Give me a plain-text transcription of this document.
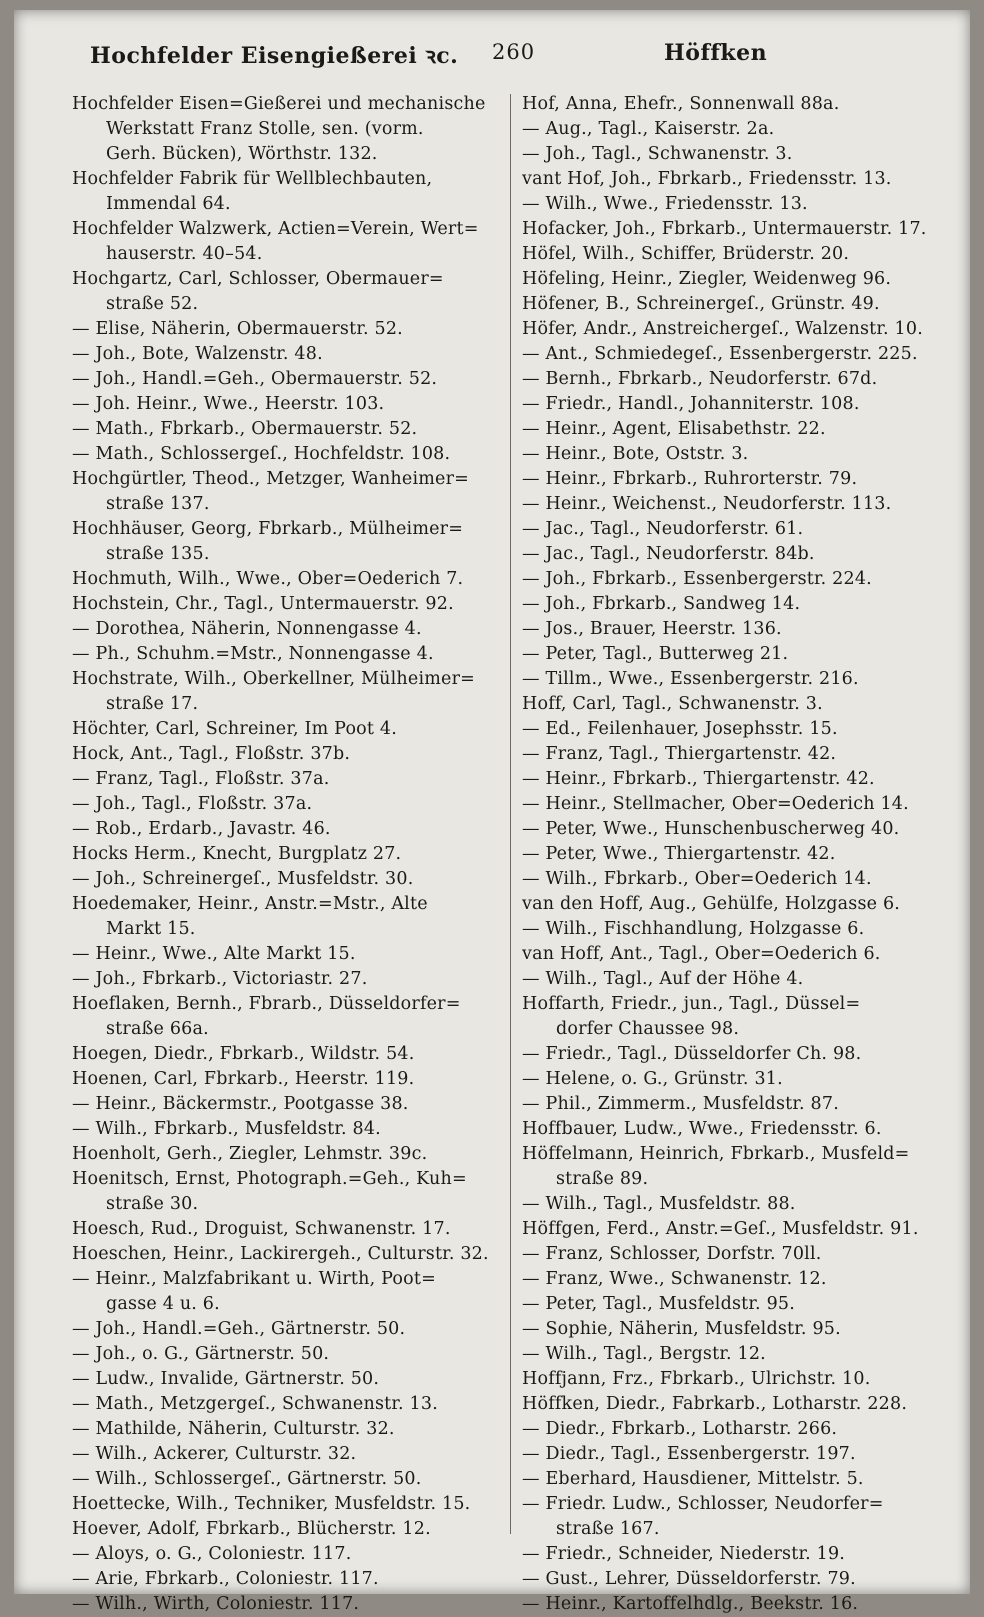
Hochfelder Eisengießerei ꝛc. 260	Höffken
Hochfelder Eisen=Gießerei und mechanische
Werkstatt Franz Stolle, sen. (vorm.
Gerh. Bücken), Wörthstr. 132.
Hochfelder Fabrik für Wellblechbauten,
Immendal 64.
Hochfelder Walzwerk, Actien=Verein, Wert=
hauserstr. 40–54.
Hochgartz, Carl, Schlosser, Obermauer=
straße 52.
— Elise, Näherin, Obermauerstr. 52.
— Joh., Bote, Walzenstr. 48.
— Joh., Handl.=Geh., Obermauerstr. 52.
— Joh. Heinr., Wwe., Heerstr. 103.
— Math., Fbrkarb., Obermauerstr. 52.
— Math., Schlossergeſ., Hochfeldstr. 108.
Hochgürtler, Theod., Metzger, Wanheimer=
straße 137.
Hochhäuser, Georg, Fbrkarb., Mülheimer=
straße 135.
Hochmuth, Wilh., Wwe., Ober=Oederich 7.
Hochstein, Chr., Tagl., Untermauerstr. 92.
— Dorothea, Näherin, Nonnengasse 4.
— Ph., Schuhm.=Mstr., Nonnengasse 4.
Hochstrate, Wilh., Oberkellner, Mülheimer=
straße 17.
Höchter, Carl, Schreiner, Im Poot 4.
Hock, Ant., Tagl., Floßstr. 37b.
— Franz, Tagl., Floßstr. 37a.
— Joh., Tagl., Floßstr. 37a.
— Rob., Erdarb., Javastr. 46.
Hocks Herm., Knecht, Burgplatz 27.
— Joh., Schreinergeſ., Musfeldstr. 30.
Hoedemaker, Heinr., Anstr.=Mstr., Alte
Markt 15.
— Heinr., Wwe., Alte Markt 15.
— Joh., Fbrkarb., Victoriastr. 27.
Hoeflaken, Bernh., Fbrarb., Düsseldorfer=
straße 66a.
Hoegen, Diedr., Fbrkarb., Wildstr. 54.
Hoenen, Carl, Fbrkarb., Heerstr. 119.
— Heinr., Bäckermstr., Pootgasse 38.
— Wilh., Fbrkarb., Musfeldstr. 84.
Hoenholt, Gerh., Ziegler, Lehmstr. 39c.
Hoenitsch, Ernst, Photograph.=Geh., Kuh=
straße 30.
Hoesch, Rud., Droguist, Schwanenstr. 17.
Hoeschen, Heinr., Lackirergeh., Culturstr. 32.
— Heinr., Malzfabrikant u. Wirth, Poot=
gasse 4 u. 6.
— Joh., Handl.=Geh., Gärtnerstr. 50.
— Joh., o. G., Gärtnerstr. 50.
— Ludw., Invalide, Gärtnerstr. 50.
— Math., Metzgergeſ., Schwanenstr. 13.
— Mathilde, Näherin, Culturstr. 32.
— Wilh., Ackerer, Culturstr. 32.
— Wilh., Schlossergeſ., Gärtnerstr. 50.
Hoettecke, Wilh., Techniker, Musfeldstr. 15.
Hoever, Adolf, Fbrkarb., Blücherstr. 12.
— Aloys, o. G., Coloniestr. 117.
— Arie, Fbrkarb., Coloniestr. 117.
— Wilh., Wirth, Coloniestr. 117.
Hof, Anna, Ehefr., Sonnenwall 88a.
— Aug., Tagl., Kaiserstr. 2a.
— Joh., Tagl., Schwanenstr. 3.
vant Hof, Joh., Fbrkarb., Friedensstr. 13.
— Wilh., Wwe., Friedensstr. 13.
Hofacker, Joh., Fbrkarb., Untermauerstr. 17.
Höfel, Wilh., Schiffer, Brüderstr. 20.
Höfeling, Heinr., Ziegler, Weidenweg 96.
Höfener, B., Schreinergeſ., Grünstr. 49.
Höfer, Andr., Anstreichergeſ., Walzenstr. 10.
— Ant., Schmiedegeſ., Essenbergerstr. 225.
— Bernh., Fbrkarb., Neudorferstr. 67d.
— Friedr., Handl., Johanniterstr. 108.
— Heinr., Agent, Elisabethstr. 22.
— Heinr., Bote, Oststr. 3.
— Heinr., Fbrkarb., Ruhrorterstr. 79.
— Heinr., Weichenst., Neudorferstr. 113.
— Jac., Tagl., Neudorferstr. 61.
— Jac., Tagl., Neudorferstr. 84b.
— Joh., Fbrkarb., Essenbergerstr. 224.
— Joh., Fbrkarb., Sandweg 14.
— Jos., Brauer, Heerstr. 136.
— Peter, Tagl., Butterweg 21.
— Tillm., Wwe., Essenbergerstr. 216.
Hoff, Carl, Tagl., Schwanenstr. 3.
— Ed., Feilenhauer, Josephsstr. 15.
— Franz, Tagl., Thiergartenstr. 42.
— Heinr., Fbrkarb., Thiergartenstr. 42.
— Heinr., Stellmacher, Ober=Oederich 14.
— Peter, Wwe., Hunschenbuscherweg 40.
— Peter, Wwe., Thiergartenstr. 42.
— Wilh., Fbrkarb., Ober=Oederich 14.
van den Hoff, Aug., Gehülfe, Holzgasse 6.
— Wilh., Fischhandlung, Holzgasse 6.
van Hoff, Ant., Tagl., Ober=Oederich 6.
— Wilh., Tagl., Auf der Höhe 4.
Hoffarth, Friedr., jun., Tagl., Düssel=
dorfer Chaussee 98.
— Friedr., Tagl., Düsseldorfer Ch. 98.
— Helene, o. G., Grünstr. 31.
— Phil., Zimmerm., Musfeldstr. 87.
Hoffbauer, Ludw., Wwe., Friedensstr. 6.
Höffelmann, Heinrich, Fbrkarb., Musfeld=
straße 89.
— Wilh., Tagl., Musfeldstr. 88.
Höffgen, Ferd., Anstr.=Geſ., Musfeldstr. 91.
— Franz, Schlosser, Dorfstr. 70ll.
— Franz, Wwe., Schwanenstr. 12.
— Peter, Tagl., Musfeldstr. 95.
— Sophie, Näherin, Musfeldstr. 95.
— Wilh., Tagl., Bergstr. 12.
Hoffjann, Frz., Fbrkarb., Ulrichstr. 10.
Höffken, Diedr., Fabrkarb., Lotharstr. 228.
— Diedr., Fbrkarb., Lotharstr. 266.
— Diedr., Tagl., Essenbergerstr. 197.
— Eberhard, Hausdiener, Mittelstr. 5.
— Friedr. Ludw., Schlosser, Neudorfer=
straße 167.
— Friedr., Schneider, Niederstr. 19.
— Gust., Lehrer, Düsseldorferstr. 79.
— Heinr., Kartoffelhdlg., Beekstr. 16.
